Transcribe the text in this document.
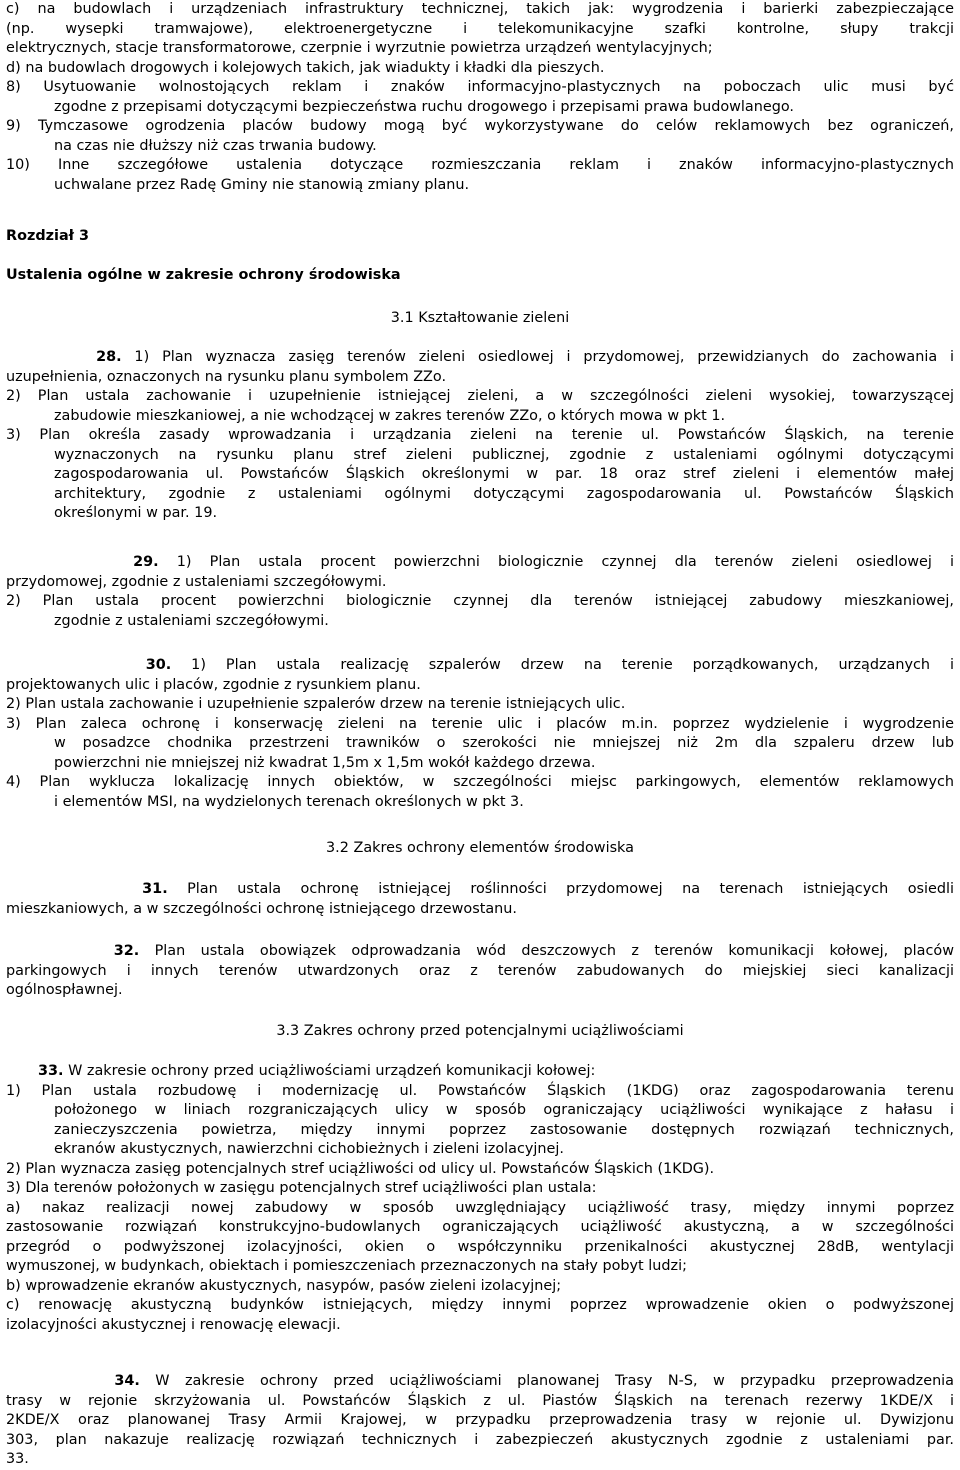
c) na budowlach i urządzeniach infrastruktury technicznej, takich jak: wygrodzenia i barierki zabezpieczające
(np. wysepki tramwajowe), elektroenergetyczne i telekomunikacyjne szafki kontrolne, słupy trakcji
elektrycznych, stacje transformatorowe, czerpnie i wyrzutnie powietrza urządzeń wentylacyjnych;
d) na budowlach drogowych i kolejowych takich, jak wiadukty i kładki dla pieszych.
8) Usytuowanie wolnostojących reklam i znaków informacyjno-plastycznych na poboczach ulic musi być
zgodne z przepisami dotyczącymi bezpieczeństwa ruchu drogowego i przepisami prawa budowlanego.
9) Tymczasowe ogrodzenia placów budowy mogą być wykorzystywane do celów reklamowych bez ograniczeń,
na czas nie dłuższy niż czas trwania budowy.
10) Inne szczegółowe ustalenia dotyczące rozmieszczania reklam i znaków informacyjno-plastycznych
uchwalane przez Radę Gminy nie stanowią zmiany planu.
Rozdział 3
Ustalenia ogólne w zakresie ochrony środowiska
3.1 Kształtowanie zieleni
28. 1) Plan wyznacza zasięg terenów zieleni osiedlowej i przydomowej, przewidzianych do zachowania i
uzupełnienia, oznaczonych na rysunku planu symbolem ZZo.
2) Plan ustala zachowanie i uzupełnienie istniejącej zieleni, a w szczególności zieleni wysokiej, towarzyszącej
zabudowie mieszkaniowej, a nie wchodzącej w zakres terenów ZZo, o których mowa w pkt 1.
3) Plan określa zasady wprowadzania i urządzania zieleni na terenie ul. Powstańców Śląskich, na terenie
wyznaczonych na rysunku planu stref zieleni publicznej, zgodnie z ustaleniami ogólnymi dotyczącymi
zagospodarowania ul. Powstańców Śląskich określonymi w par. 18 oraz stref zieleni i elementów małej
architektury, zgodnie z ustaleniami ogólnymi dotyczącymi zagospodarowania ul. Powstańców Śląskich
określonymi w par. 19.
29. 1) Plan ustala procent powierzchni biologicznie czynnej dla terenów zieleni osiedlowej i
przydomowej, zgodnie z ustaleniami szczegółowymi.
2) Plan ustala procent powierzchni biologicznie czynnej dla terenów istniejącej zabudowy mieszkaniowej,
zgodnie z ustaleniami szczegółowymi.
30. 1) Plan ustala realizację szpalerów drzew na terenie porządkowanych, urządzanych i
projektowanych ulic i placów, zgodnie z rysunkiem planu.
2) Plan ustala zachowanie i uzupełnienie szpalerów drzew na terenie istniejących ulic.
3) Plan zaleca ochronę i konserwację zieleni na terenie ulic i placów m.in. poprzez wydzielenie i wygrodzenie
w posadzce chodnika przestrzeni trawników o szerokości nie mniejszej niż 2m dla szpaleru drzew lub
powierzchni nie mniejszej niż kwadrat 1,5m x 1,5m wokół każdego drzewa.
4) Plan wyklucza lokalizację innych obiektów, w szczególności miejsc parkingowych, elementów reklamowych
i elementów MSI, na wydzielonych terenach określonych w pkt 3.
3.2 Zakres ochrony elementów środowiska
31. Plan ustala ochronę istniejącej roślinności przydomowej na terenach istniejących osiedli
mieszkaniowych, a w szczególności ochronę istniejącego drzewostanu.
32. Plan ustala obowiązek odprowadzania wód deszczowych z terenów komunikacji kołowej, placów
parkingowych i innych terenów utwardzonych oraz z terenów zabudowanych do miejskiej sieci kanalizacji
ogólnospławnej.
3.3 Zakres ochrony przed potencjalnymi uciążliwościami
33. W zakresie ochrony przed uciążliwościami urządzeń komunikacji kołowej:
1) Plan ustala rozbudowę i modernizację ul. Powstańców Śląskich (1KDG) oraz zagospodarowania terenu
położonego w liniach rozgraniczających ulicy w sposób ograniczający uciążliwości wynikające z hałasu i
zanieczyszczenia powietrza, między innymi poprzez zastosowanie dostępnych rozwiązań technicznych,
ekranów akustycznych, nawierzchni cichobieżnych i zieleni izolacyjnej.
2) Plan wyznacza zasięg potencjalnych stref uciążliwości od ulicy ul. Powstańców Śląskich (1KDG).
3) Dla terenów położonych w zasięgu potencjalnych stref uciążliwości plan ustala:
a) nakaz realizacji nowej zabudowy w sposób uwzględniający uciążliwość trasy, między innymi poprzez
zastosowanie rozwiązań konstrukcyjno-budowlanych ograniczających uciążliwość akustyczną, a w szczególności
przegród o podwyższonej izolacyjności, okien o współczynniku przenikalności akustycznej 28dB, wentylacji
wymuszonej, w budynkach, obiektach i pomieszczeniach przeznaczonych na stały pobyt ludzi;
b) wprowadzenie ekranów akustycznych, nasypów, pasów zieleni izolacyjnej;
c) renowację akustyczną budynków istniejących, między innymi poprzez wprowadzenie okien o podwyższonej
izolacyjności akustycznej i renowację elewacji.
34. W zakresie ochrony przed uciążliwościami planowanej Trasy N-S, w przypadku przeprowadzenia
trasy w rejonie skrzyżowania ul. Powstańców Śląskich z ul. Piastów Śląskich na terenach rezerwy 1KDE/X i
2KDE/X oraz planowanej Trasy Armii Krajowej, w przypadku przeprowadzenia trasy w rejonie ul. Dywizjonu
303, plan nakazuje realizację rozwiązań technicznych i zabezpieczeń akustycznych zgodnie z ustaleniami par.
33.
